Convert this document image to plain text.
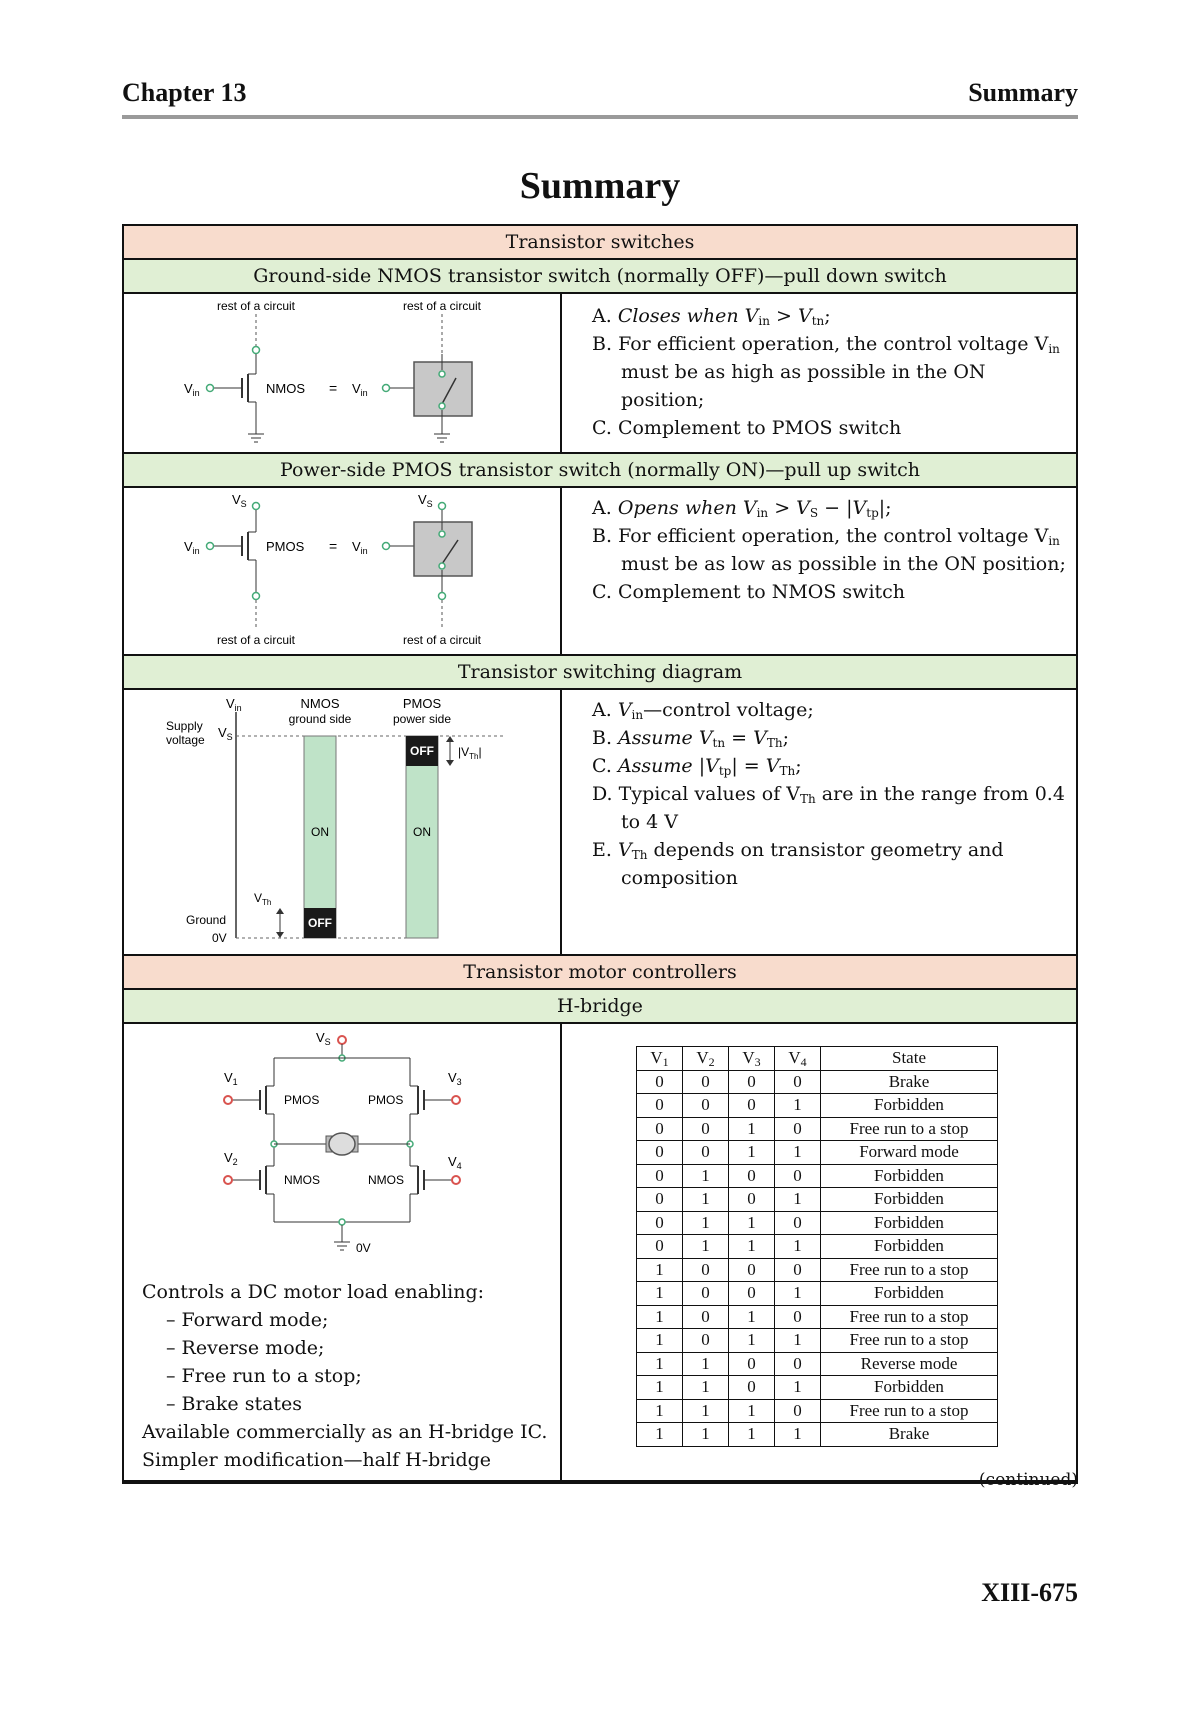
Chapter 13	Summary
Summary
Transistor switches
Ground-side NMOS transistor switch (normally OFF)—pull down switch
rest of a circuit	rest of a circuit
$V_{in}$	NMOS = $V_{in}$
A. Closes when $V_{in} > V_{tn}$;
B. For efficient operation, the control voltage $V_{in}$ must be as high as possible in the ON position;
C. Complement to PMOS switch
Power-side PMOS transistor switch (normally ON)—pull up switch
$V_S$
$V_{in}$	PMOS =
rest of a circuit
$V_S$
$V_{in}$
rest of a circuit
A. Opens when $V_{in} > V_S - |V_{tp}|$;
B. For efficient operation, the control voltage $V_{in}$ must be as low as possible in the ON position;
C. Complement to NMOS switch
Transistor switching diagram
$V_{in}$	NMOS
ground side
PMOS
power side
Supply
voltage $V_S$
OFF
ON
OFF
ON
$|V_{Th}|$
$V_{Th}$
Ground
0V
A. $V_{in}—control$ voltage;
B. Assume $V_{tn} = V_{Th}$;
C. Assume $|V_{tp}| = V_{Th}$;
D. Typical values of $V_{Th}$ are in the range from 0.4 to 4 V
E. $V_{Th}$ depends on transistor geometry and composition
Transistor motor controllers
H-bridge
$V_S$
$V_1$
PMOS
$V_3$
PMOS
$V_2$
NMOS
$V_4$
NMOS
0V
Controls a DC motor load enabling:
– Forward mode;
– Reverse mode;
– Free run to a stop;
– Brake states
Available commercially as an H-bridge IC.
Simpler modification—half H-bridge
$V_1$	$V_2$	$V_3$	$V_4$	State
0	0	0	0	Brake
0	0	0	1	Forbidden
0	0	1	0	Free run to a stop
0	0	1	1	Forward mode
0	1	0	0	Forbidden
0	1	0	1	Forbidden
0	1	1	0	Forbidden
0	1	1	1	Forbidden
1	0	0	0	Free run to a stop
1	0	0	1	Forbidden
1	0	1	0	Free run to a stop
1	0	1	1	Free run to a stop
1	1	0	0	Reverse mode
1	1	0	1	Forbidden
1	1	1	0	Free run to a stop
1	1	1	1	Brake
(continued)
XIII-675
